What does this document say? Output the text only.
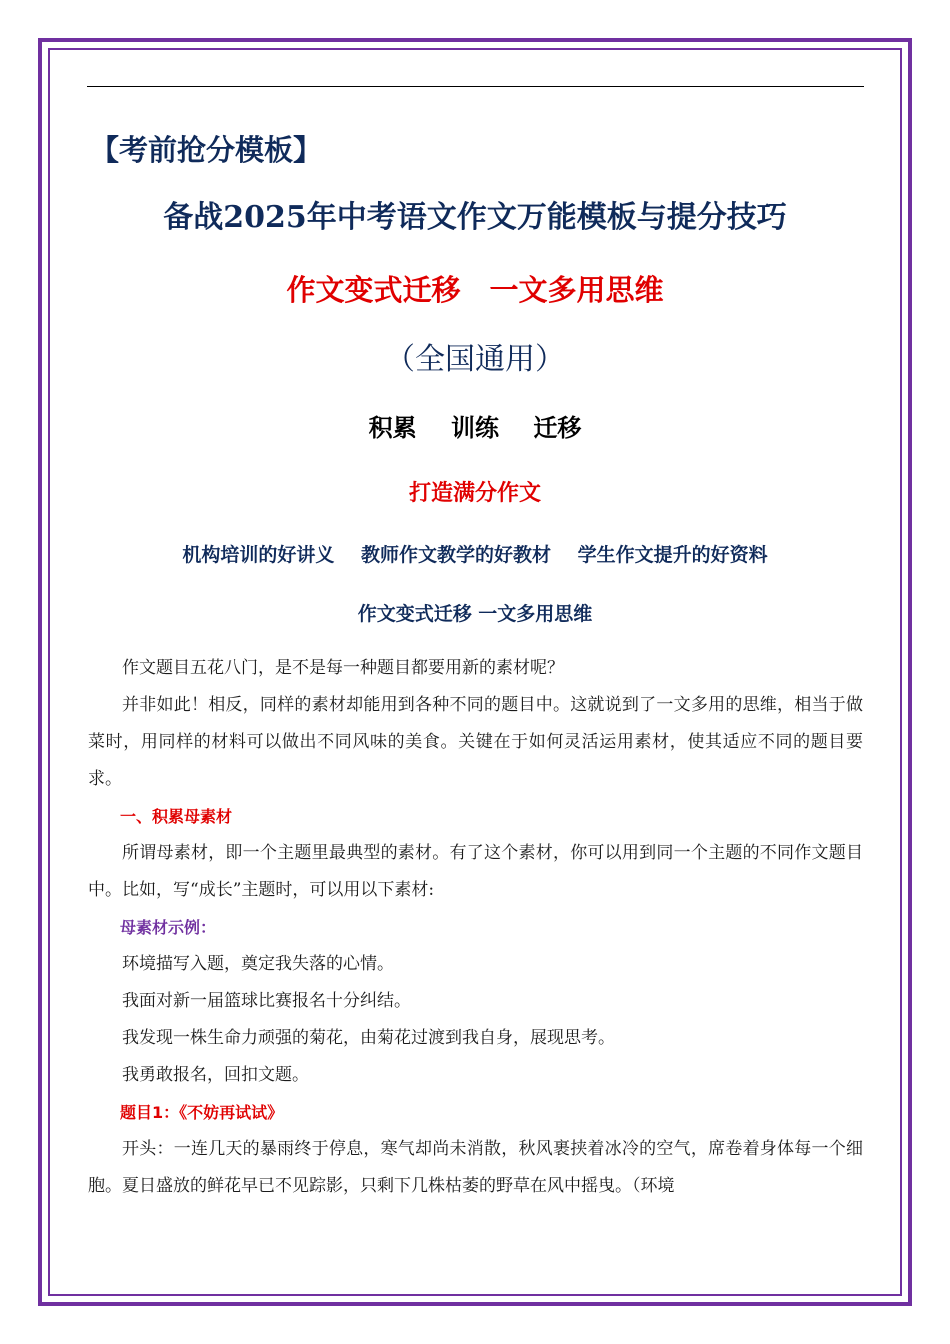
【考前抢分模板】
备战2025年中考语文作文万能模板与提分技巧
作文变式迁移　一文多用思维
（全国通用）
积累 训练 迁移
打造满分作文
机构培训的好讲义 教师作文教学的好教材 学生作文提升的好资料
作文变式迁移 一文多用思维

作文题目五花八门，是不是每一种题目都要用新的素材呢？

并非如此！相反，同样的素材却能用到各种不同的题目中。这就说到了一文多用的思维，相当于做菜时，用同样的材料可以做出不同风味的美食。关键在于如何灵活运用素材，使其适应不同的题目要求。

一、积累母素材

所谓母素材，即一个主题里最典型的素材。有了这个素材，你可以用到同一个主题的不同作文题目中。比如，写“成长”主题时，可以用以下素材:

母素材示例：

环境描写入题，奠定我失落的心情。

我面对新一届篮球比赛报名十分纠结。

我发现一株生命力顽强的菊花，由菊花过渡到我自身，展现思考。

我勇敢报名，回扣文题。

题目1：《不妨再试试》

开头：一连几天的暴雨终于停息，寒气却尚未消散，秋风裹挟着冰冷的空气，席卷着身体每一个细胞。夏日盛放的鲜花早已不见踪影，只剩下几株枯萎的野草在风中摇曳。（环境
